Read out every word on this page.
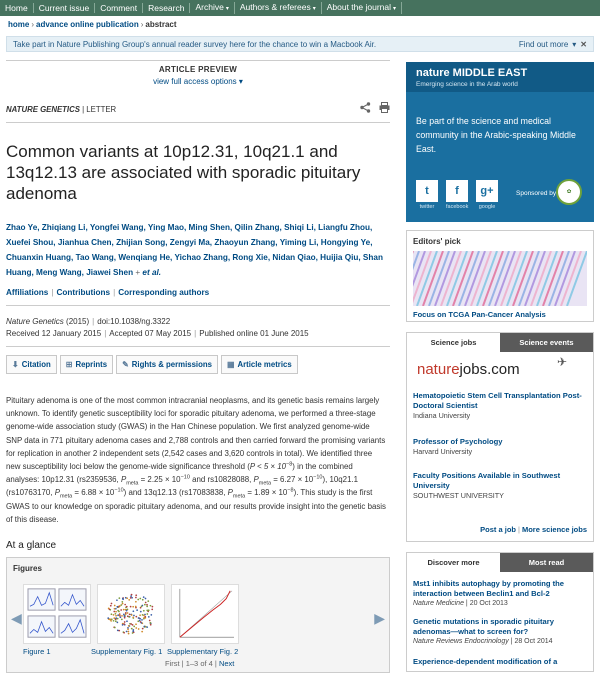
Home	Current issue	Comment	Research	Archive ▾	Authors & referees ▾	About the journal ▾
home › advance online publication › abstract
Take part in Nature Publishing Group's annual reader survey here for the chance to win a Macbook Air.	Find out more ▾ ✕
ARTICLE PREVIEW
view full access options ▾
NATURE GENETICS | LETTER
Common variants at 10p12.31, 10q21.1 and 13q12.13 are associated with sporadic pituitary adenoma
Zhao Ye, Zhiqiang Li, Yongfei Wang, Ying Mao, Ming Shen, Qilin Zhang, Shiqi Li, Liangfu Zhou, Xuefei Shou, Jianhua Chen, Zhijian Song, Zengyi Ma, Zhaoyun Zhang, Yiming Li, Hongying Ye, Chuanxin Huang, Tao Wang, Wenqiang He, Yichao Zhang, Rong Xie, Nidan Qiao, Huijia Qiu, Shan Huang, Meng Wang, Jiawei Shen + et al.
Affiliations | Contributions | Corresponding authors
Nature Genetics (2015) | doi:10.1038/ng.3322
Received 12 January 2015 | Accepted 07 May 2015 | Published online 01 June 2015
⬇ Citation ⊞ Reprints ✎ Rights & permissions ▦ Article metrics
Pituitary adenoma is one of the most common intracranial neoplasms, and its genetic basis remains largely unknown. To identify genetic susceptibility loci for sporadic pituitary adenoma, we performed a three-stage genome-wide association study (GWAS) in the Han Chinese population. We first analyzed genome-wide SNP data in 771 pituitary adenoma cases and 2,788 controls and then carried forward the promising variants for replication in another 2 independent sets (2,542 cases and 3,620 controls in total). We identified three new susceptibility loci below the genome-wide significance threshold $(P < 5 \times 10^{-8})$ in the combined analyses: 10p12.31 (rs2359536, $P_{meta} = 2.25 \times 10^{-10}$ and rs10828088, $P_{meta} = 6.27 \times 10^{-10}$), 10q21.1 (rs10763170, $P_{meta} = 6.88 \times 10^{-10}$) and 13q12.13 (rs17083838, $P_{meta} = 1.89 \times 10^{-8}$). This study is the first GWAS to our knowledge on sporadic pituitary adenoma, and our results provide insight into the genetic basis of this disease.
At a glance
Figures
◀	▶
Figure 1	Supplementary Fig. 1 Supplementary Fig. 2
First | 1–3 of 4 | Next
nature MIDDLE EAST
Emerging science in the Arab world
Be part of the science and medical community in the Arabic-speaking Middle East.
t	f	g+
twitter	facebook	google
Sponsored by	✿
Editors' pick
Focus on TCGA Pan-Cancer Analysis
Science jobs	Science events
naturejobs.com	✈
Hematopoietic Stem Cell Transplantation Post-Doctoral Scientist
Indiana University
Professor of Psychology
Harvard University
Faculty Positions Available in Southwest University
SOUTHWEST UNIVERSITY
Post a job | More science jobs
Discover more	Most read
Mst1 inhibits autophagy by promoting the interaction between Beclin1 and Bcl-2
Nature Medicine | 20 Oct 2013
Genetic mutations in sporadic pituitary adenomas—what to screen for?
Nature Reviews Endocrinology | 28 Oct 2014
Experience-dependent modification of a
